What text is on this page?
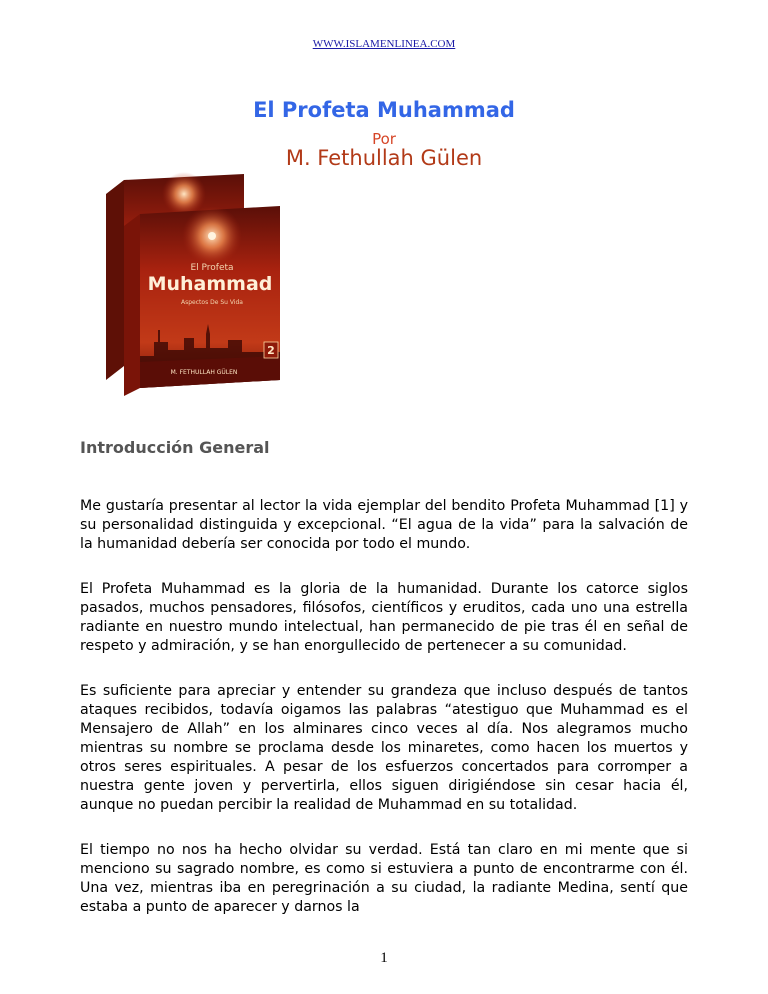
WWW.ISLAMENLINEA.COM
El Profeta Muhammad
Por
M. Fethullah Gülen
El Profeta
Muhammad
Aspectos De Su Vida
M. FETHULLAH GÜLEN
2
Introducción General

Me gustaría presentar al lector la vida ejemplar del bendito Profeta Muhammad [1] y su personalidad distinguida y excepcional. “El agua de la vida” para la salvación de la humanidad debería ser conocida por todo el mundo.

El Profeta Muhammad es la gloria de la humanidad. Durante los catorce siglos pasados, muchos pensadores, filósofos, científicos y eruditos, cada uno una estrella radiante en nuestro mundo intelectual, han permanecido de pie tras él en señal de respeto y admiración, y se han enorgullecido de pertenecer a su comunidad.

Es suficiente para apreciar y entender su grandeza que incluso después de tantos ataques recibidos, todavía oigamos las palabras “atestiguo que Muhammad es el Mensajero de Allah” en los alminares cinco veces al día. Nos alegramos mucho mientras su nombre se proclama desde los minaretes, como hacen los muertos y otros seres espirituales. A pesar de los esfuerzos concertados para corromper a nuestra gente joven y pervertirla, ellos siguen dirigiéndose sin cesar hacia él, aunque no puedan percibir la realidad de Muhammad en su totalidad.

El tiempo no nos ha hecho olvidar su verdad. Está tan claro en mi mente que si menciono su sagrado nombre, es como si estuviera a punto de encontrarme con él. Una vez, mientras iba en peregrinación a su ciudad, la radiante Medina, sentí que estaba a punto de aparecer y darnos la

1
